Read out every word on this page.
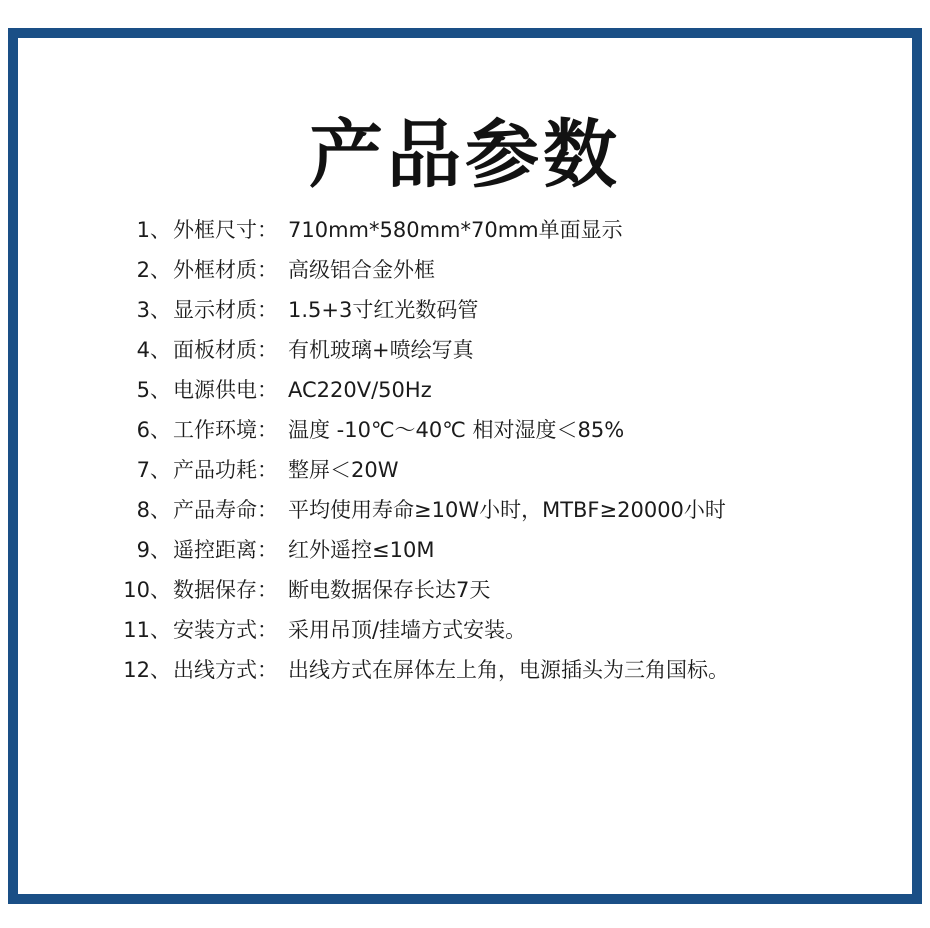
产品参数
1 、 外框尺寸 ： 710mm*580mm*70mm单面显示
2 、 外框材质 ： 高级铝合金外框
3 、 显示材质 ： 1.5+3寸红光数码管
4 、 面板材质 ： 有机玻璃+喷绘写真
5 、 电源供电 ： AC220V/50Hz
6 、 工作环境 ： 温度 -10℃～40℃ 相对湿度＜85%
7 、 产品功耗 ： 整屏＜20W
8 、 产品寿命 ： 平均使用寿命≥10W小时，MTBF≥20000小时
9 、 遥控距离 ： 红外遥控≤10M
10 、 数据保存 ： 断电数据保存长达7天
11 、 安装方式 ： 采用吊顶/挂墙方式安装。
12 、 出线方式 ： 出线方式在屏体左上角，电源插头为三角国标。
